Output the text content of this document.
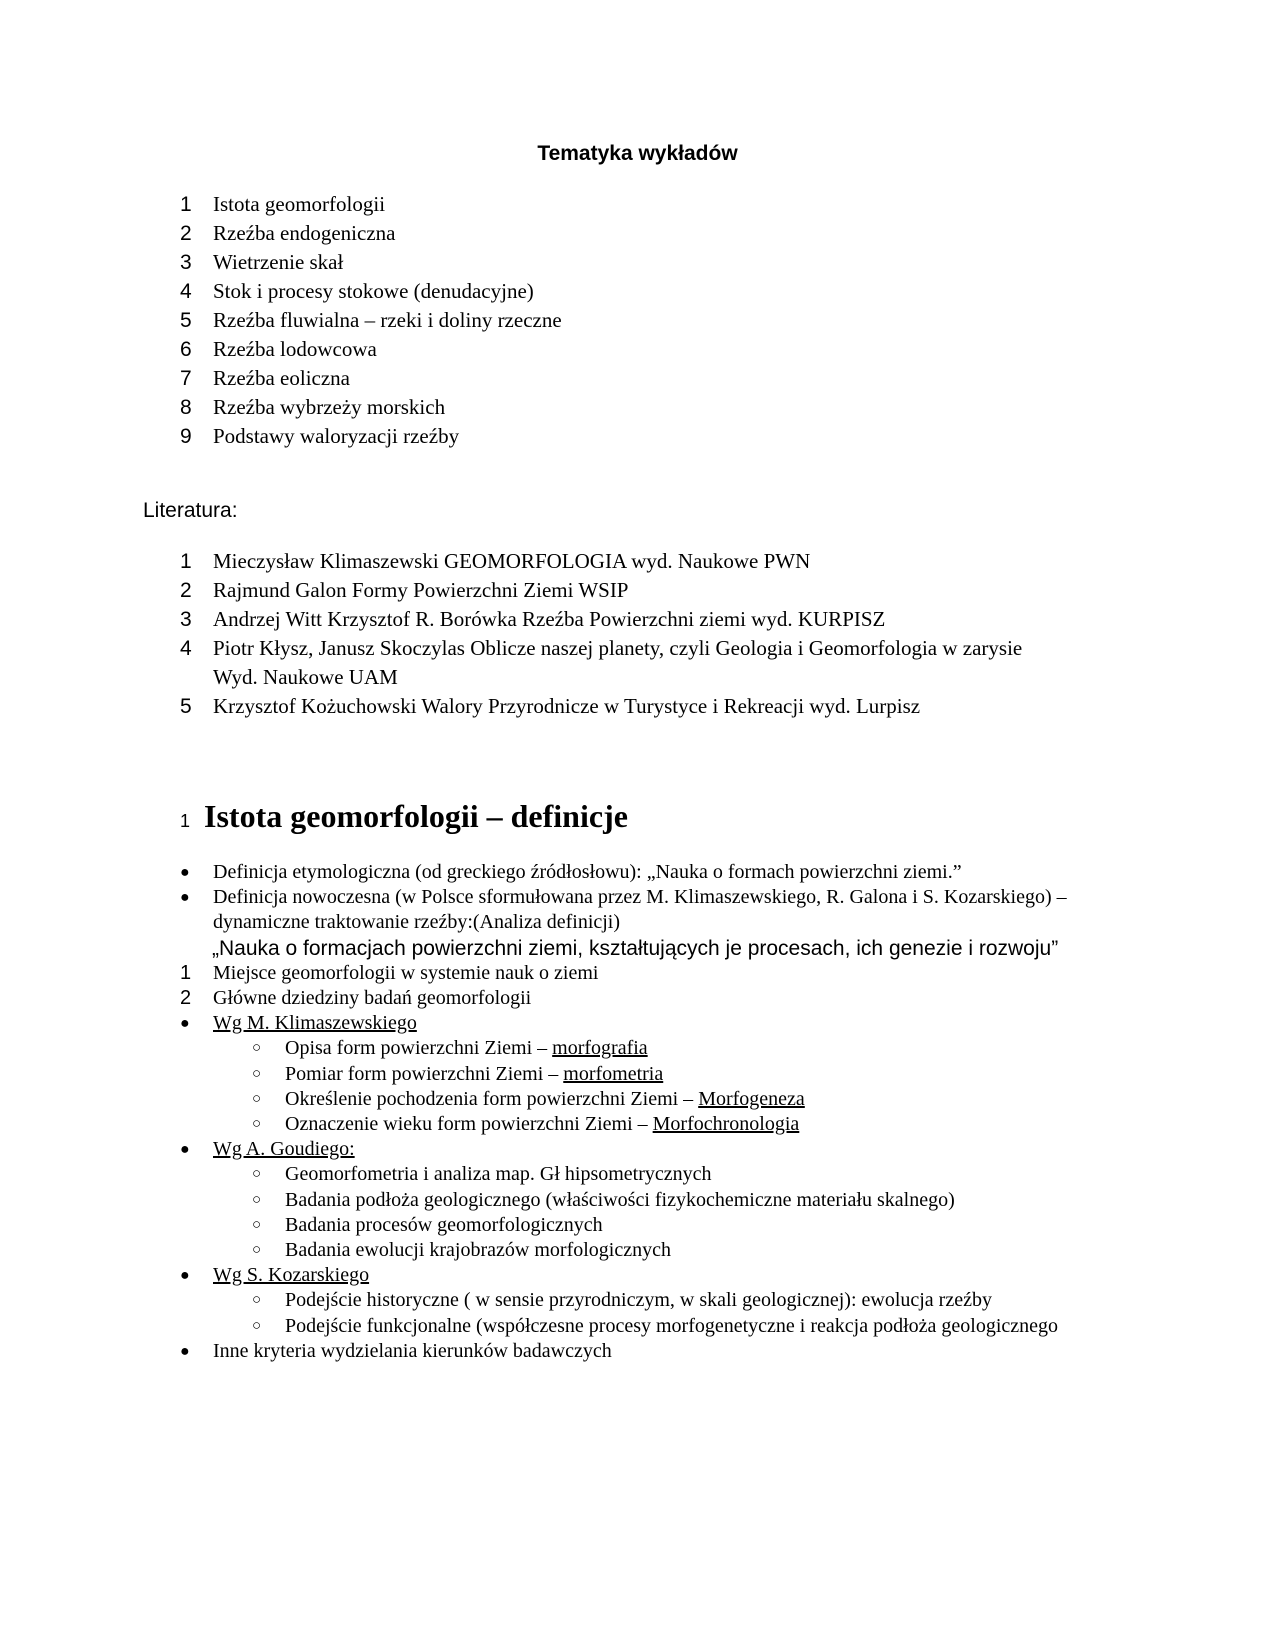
Tematyka wykładów
1 Istota geomorfologii
2 Rzeźba endogeniczna
3 Wietrzenie skał
4 Stok i procesy stokowe (denudacyjne)
5 Rzeźba fluwialna – rzeki i doliny rzeczne
6 Rzeźba lodowcowa
7 Rzeźba eoliczna
8 Rzeźba wybrzeży morskich
9 Podstawy waloryzacji rzeźby
Literatura:
1 Mieczysław Klimaszewski GEOMORFOLOGIA wyd. Naukowe PWN
2 Rajmund Galon Formy Powierzchni Ziemi WSIP
3 Andrzej Witt Krzysztof R. Borówka Rzeźba Powierzchni ziemi wyd. KURPISZ
4 Piotr Kłysz, Janusz Skoczylas Oblicze naszej planety, czyli Geologia i Geomorfologia w zarysie Wyd. Naukowe UAM
5 Krzysztof Kożuchowski Walory Przyrodnicze w Turystyce i Rekreacji wyd. Lurpisz
1 Istota geomorfologii – definicje
● Definicja etymologiczna (od greckiego źródłosłowu): „Nauka o formach powierzchni ziemi.”
● Definicja nowoczesna (w Polsce sformułowana przez M. Klimaszewskiego, R. Galona i S. Kozarskiego) – dynamiczne traktowanie rzeźby:(Analiza definicji)
„Nauka o formacjach powierzchni ziemi, kształtujących je procesach, ich genezie i rozwoju”
1 Miejsce geomorfologii w systemie nauk o ziemi
2 Główne dziedziny badań geomorfologii
● Wg M. Klimaszewskiego
○ Opisa form powierzchni Ziemi – morfografia
○ Pomiar form powierzchni Ziemi – morfometria
○ Określenie pochodzenia form powierzchni Ziemi – Morfogeneza
○ Oznaczenie wieku form powierzchni Ziemi – Morfochronologia
● Wg A. Goudiego:
○ Geomorfometria i analiza map. Gł hipsometrycznych
○ Badania podłoża geologicznego (właściwości fizykochemiczne materiału skalnego)
○ Badania procesów geomorfologicznych
○ Badania ewolucji krajobrazów morfologicznych
● Wg S. Kozarskiego
○ Podejście historyczne ( w sensie przyrodniczym, w skali geologicznej): ewolucja rzeźby
○ Podejście funkcjonalne (współczesne procesy morfogenetyczne i reakcja podłoża geologicznego
● Inne kryteria wydzielania kierunków badawczych
